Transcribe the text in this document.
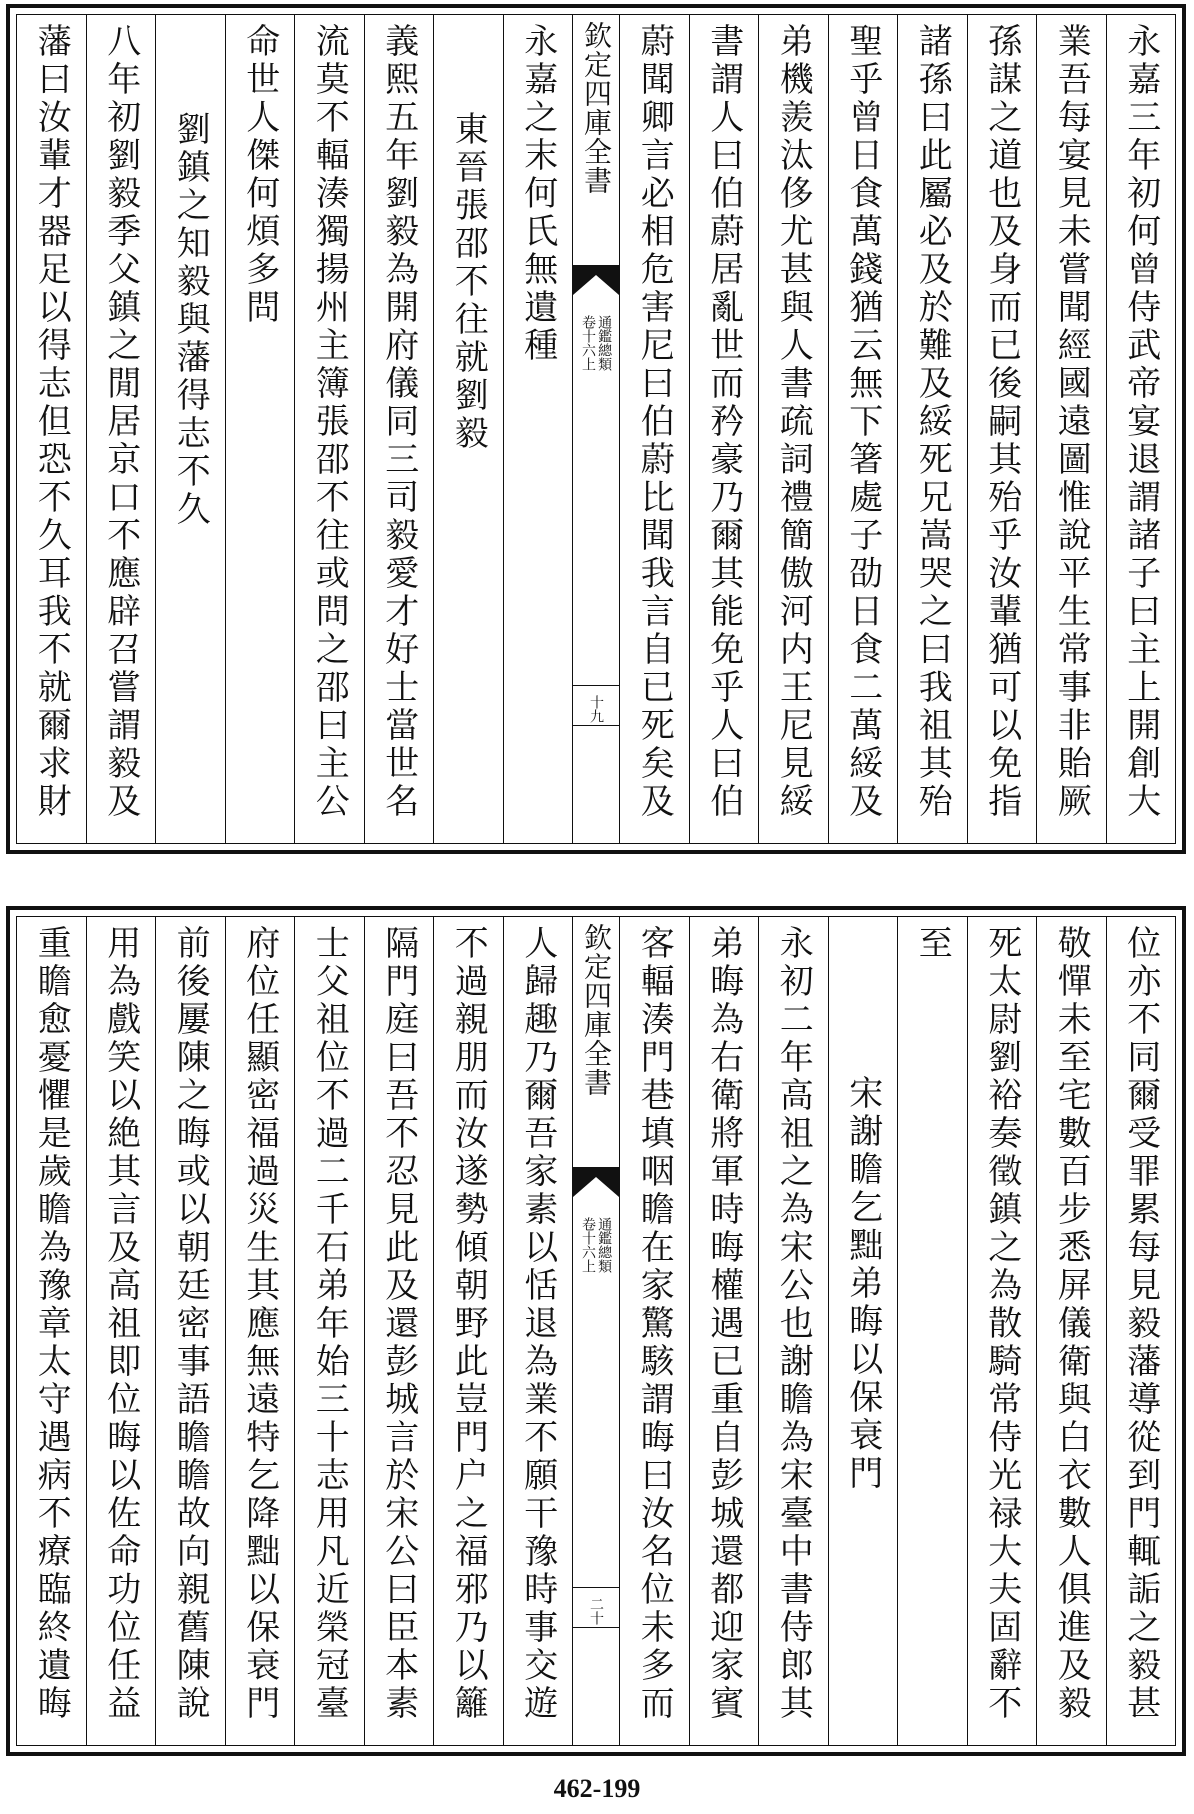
永嘉三年初何曾侍武帝宴退謂諸子曰主上開創大
業吾每宴見未嘗聞經國遠圖惟說平生常事非貽厥
孫謀之道也及身而已後嗣其殆乎汝輩猶可以免指
諸孫曰此屬必及於難及綏死兄嵩哭之曰我祖其殆
聖乎曾日食萬錢猶云無下箸處子劭日食二萬綏及
弟機羨汰侈尤甚與人書疏詞禮簡傲河内王尼見綏
書謂人曰伯蔚居亂世而矜豪乃爾其能免乎人曰伯
蔚聞卿言必相危害尼曰伯蔚比聞我言自已死矣及
欽定四庫全書
通鑑總類
卷十六上
十九
永嘉之末何氏無遺種
東晉張邵不往就劉毅
義熙五年劉毅為開府儀同三司毅愛才好士當世名
流莫不輻湊獨揚州主簿張邵不往或問之邵曰主公
命世人傑何煩多問
劉鎮之知毅與藩得志不久
八年初劉毅季父鎮之閒居京口不應辟召嘗謂毅及
藩曰汝輩才器足以得志但恐不久耳我不就爾求財
位亦不同爾受罪累每見毅藩導從到門輒詬之毅甚
敬憚未至宅數百步悉屏儀衛與白衣數人俱進及毅
死太尉劉裕奏徵鎮之為散騎常侍光禄大夫固辭不
至
宋謝瞻乞黜弟晦以保衰門
永初二年高祖之為宋公也謝瞻為宋臺中書侍郎其
弟晦為右衛將軍時晦權遇已重自彭城還都迎家賓
客輻湊門巷填咽瞻在家驚駭謂晦曰汝名位未多而
欽定四庫全書
通鑑總類
卷十六上
二十
人歸趣乃爾吾家素以恬退為業不願干豫時事交遊
不過親朋而汝遂勢傾朝野此豈門户之福邪乃以籬
隔門庭曰吾不忍見此及還彭城言於宋公曰臣本素
士父祖位不過二千石弟年始三十志用凡近榮冠臺
府位任顯密福過災生其應無遠特乞降黜以保衰門
前後屢陳之晦或以朝廷密事語瞻瞻故向親舊陳說
用為戲笑以絶其言及高祖即位晦以佐命功位任益
重瞻愈憂懼是歲瞻為豫章太守遇病不療臨終遺晦
462-199
